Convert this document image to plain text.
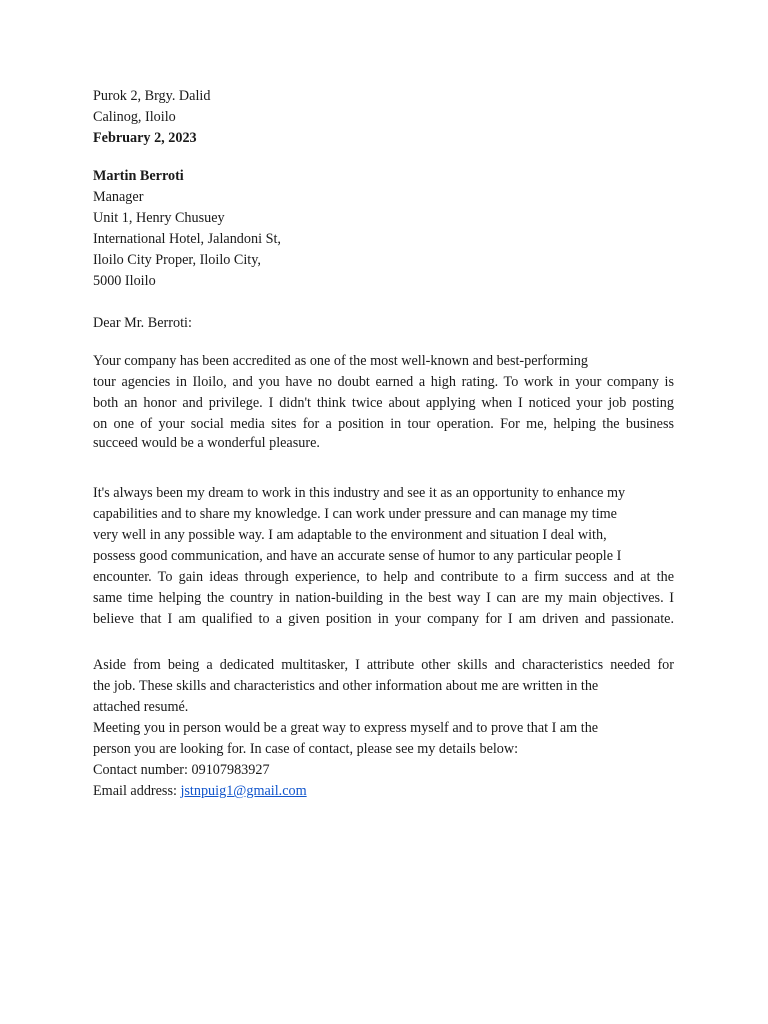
Purok 2, Brgy. Dalid
Calinog, Iloilo
February 2, 2023
Martin Berroti
Manager
Unit 1, Henry Chusuey
International Hotel, Jalandoni St,
Iloilo City Proper, Iloilo City,
5000 Iloilo
Dear Mr. Berroti:
Your company has been accredited as one of the most well-known and best-performing
tour agencies in Iloilo, and you have no doubt earned a high rating. To work in your company is
both an honor and privilege. I didn't think twice about applying when I noticed your job posting
on one of your social media sites for a position in tour operation. For me, helping the business
succeed would be a wonderful pleasure.
It's always been my dream to work in this industry and see it as an opportunity to enhance my
capabilities and to share my knowledge. I can work under pressure and can manage my time
very well in any possible way. I am adaptable to the environment and situation I deal with,
possess good communication, and have an accurate sense of humor to any particular people I
encounter. To gain ideas through experience, to help and contribute to a firm success and at the
same time helping the country in nation-building in the best way I can are my main objectives. I
believe that I am qualified to a given position in your company for I am driven and passionate.
Aside from being a dedicated multitasker, I attribute other skills and characteristics needed for
the job. These skills and characteristics and other information about me are written in the
attached resumé.
Meeting you in person would be a great way to express myself and to prove that I am the
person you are looking for. In case of contact, please see my details below:
Contact number: 09107983927
Email address: jstnpuig1@gmail.com
